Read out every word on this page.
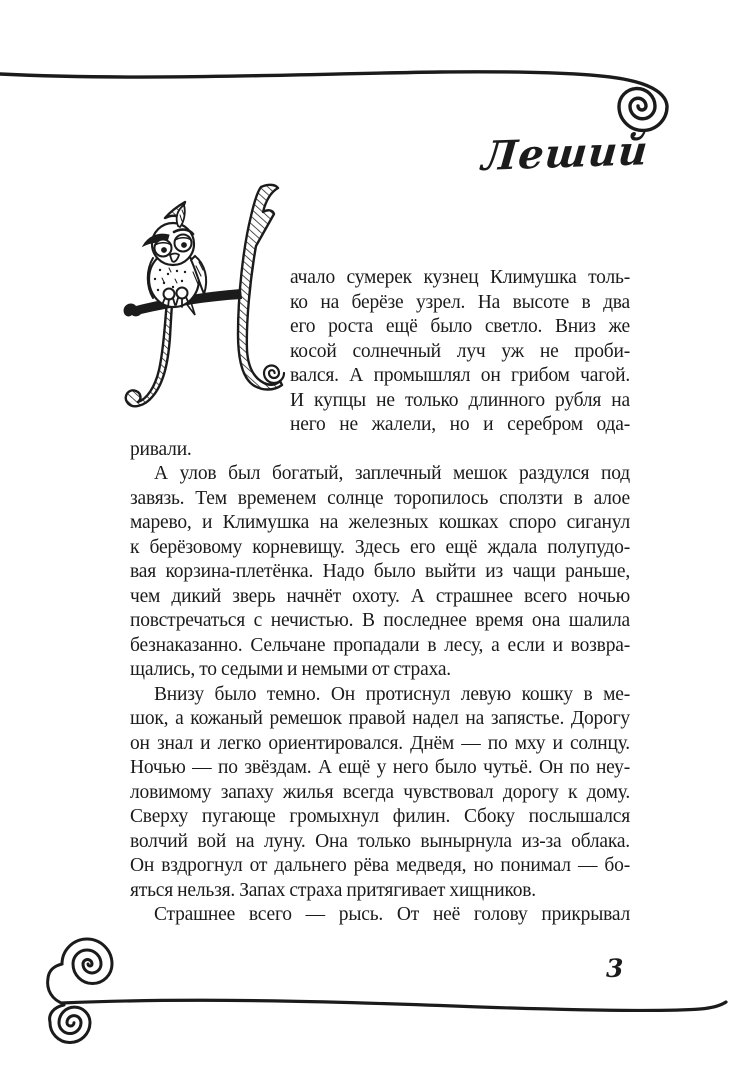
Леший
ачало сумерек кузнец Климушка толь-
ко на берёзе узрел. На высоте в два
его роста ещё было светло. Вниз же
косой солнечный луч уж не проби-
вался. А промышлял он грибом чагой.
И купцы не только длинного рубля на
него не жалели, но и серебром ода-
ривали.
А улов был богатый, заплечный мешок раздулся под
завязь. Тем временем солнце торопилось сползти в алое
марево, и Климушка на железных кошках споро сиганул
к берёзовому корневищу. Здесь его ещё ждала полупудо-
вая корзина-плетёнка. Надо было выйти из чащи раньше,
чем дикий зверь начнёт охоту. А страшнее всего ночью
повстречаться с нечистью. В последнее время она шалила
безнаказанно. Сельчане пропадали в лесу, а если и возвра-
щались, то седыми и немыми от страха.
Внизу было темно. Он протиснул левую кошку в ме-
шок, а кожаный ремешок правой надел на запястье. Дорогу
он знал и легко ориентировался. Днём — по мху и солнцу.
Ночью — по звёздам. А ещё у него было чутьё. Он по неу-
ловимому запаху жилья всегда чувствовал дорогу к дому.
Сверху пугающе громыхнул филин. Сбоку послышался
волчий вой на луну. Она только вынырнула из-за облака.
Он вздрогнул от дальнего рёва медведя, но понимал — бо-
яться нельзя. Запах страха притягивает хищников.
Страшнее всего — рысь. От неё голову прикрывал
3
